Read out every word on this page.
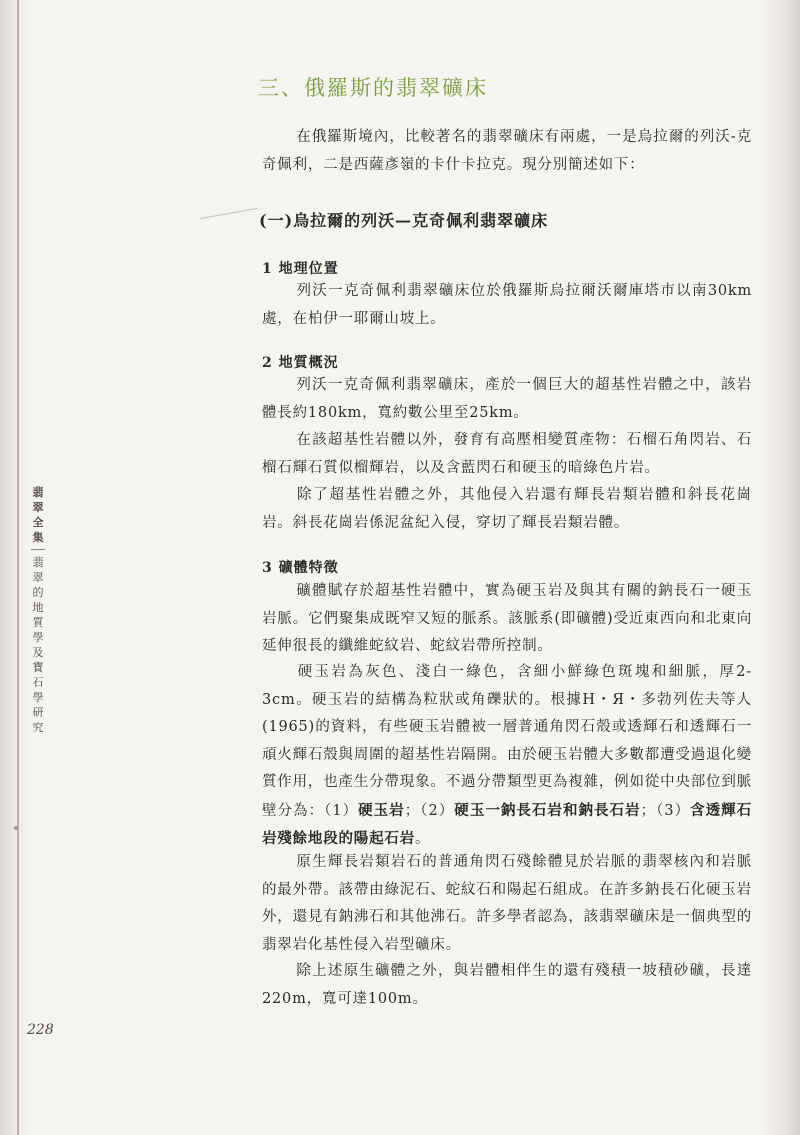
三、俄羅斯的翡翠礦床

在俄羅斯境內，比較著名的翡翠礦床有兩處，一是烏拉爾的列沃-克奇佩利，二是西薩彥嶺的卡什卡拉克。現分別簡述如下：

(一)烏拉爾的列沃—克奇佩利翡翠礦床
1 地理位置

列沃一克奇佩利翡翠礦床位於俄羅斯烏拉爾沃爾庫塔市以南30km處，在柏伊一耶爾山坡上。

2 地質概況

列沃一克奇佩利翡翠礦床，產於一個巨大的超基性岩體之中，該岩體長約180km，寬約數公里至25km。

在該超基性岩體以外，發育有高壓相變質產物：石榴石角閃岩、石榴石輝石質似榴輝岩，以及含藍閃石和硬玉的暗綠色片岩。

除了超基性岩體之外，其他侵入岩還有輝長岩類岩體和斜長花崗岩。斜長花崗岩係泥盆紀入侵，穿切了輝長岩類岩體。

3 礦體特徵

礦體賦存於超基性岩體中，實為硬玉岩及與其有關的鈉長石一硬玉岩脈。它們聚集成既窄又短的脈系。該脈系(即礦體)受近東西向和北東向延伸很長的纖維蛇紋岩、蛇紋岩帶所控制。

硬玉岩為灰色、淺白一綠色，含細小鮮綠色斑塊和細脈，厚2-3cm。硬玉岩的結構為粒狀或角礫狀的。根據H・Я・多勃列佐夫等人(1965)的資料，有些硬玉岩體被一層普通角閃石殼或透輝石和透輝石一頑火輝石殼與周圍的超基性岩隔開。由於硬玉岩體大多數都遭受過退化變質作用，也產生分帶現象。不過分帶類型更為複雜，例如從中央部位到脈壁分為：（1）硬玉岩；（2）硬玉一鈉長石岩和鈉長石岩；（3）含透輝石岩殘餘地段的陽起石岩。

原生輝長岩類岩石的普通角閃石殘餘體見於岩脈的翡翠核內和岩脈的最外帶。該帶由綠泥石、蛇紋石和陽起石組成。在許多鈉長石化硬玉岩外，還見有鈉沸石和其他沸石。許多學者認為，該翡翠礦床是一個典型的翡翠岩化基性侵入岩型礦床。

除上述原生礦體之外，與岩體相伴生的還有殘積一坡積砂礦，長達220m，寬可達100m。

翡翠全集
翡翠的地質學及寶石學研究

228
